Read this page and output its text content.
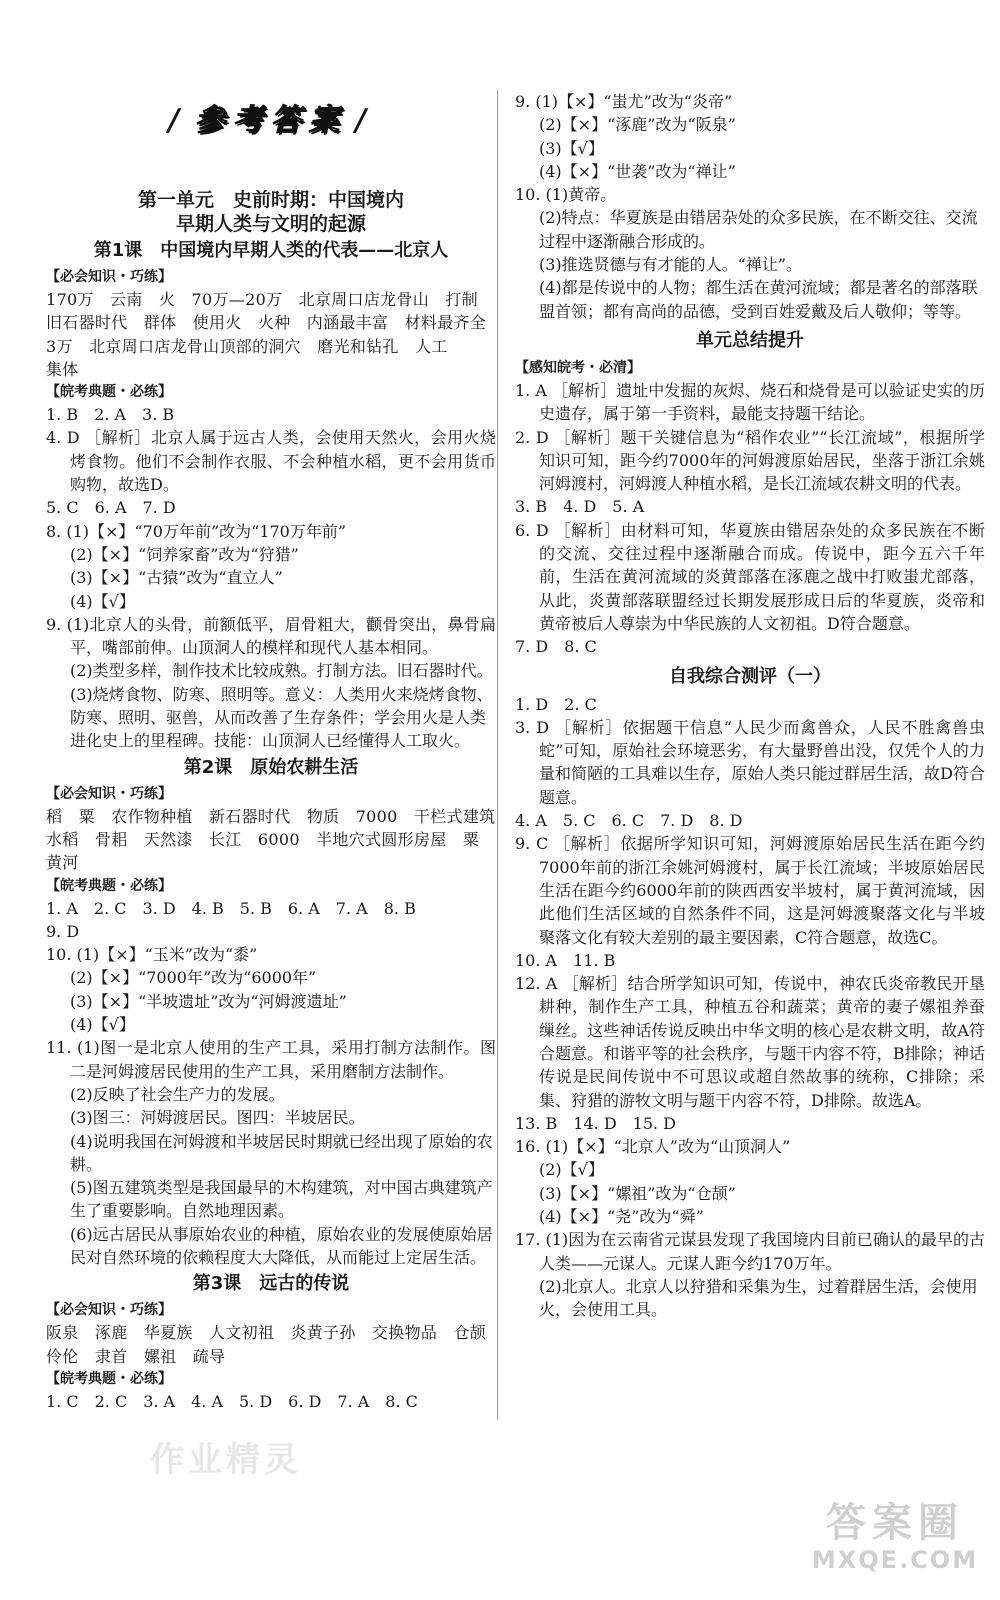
/ 参考答案 /
第一单元　史前时期：中国境内
早期人类与文明的起源
第1课　中国境内早期人类的代表——北京人
【必会知识・巧练】
170万　云南　火　70万—20万　北京周口店龙骨山　打制
旧石器时代　群体　使用火　火种　内涵最丰富　材料最齐全
3万　北京周口店龙骨山顶部的洞穴　磨光和钻孔　人工
集体
【皖考典题・必练】
1. B　2. A　3. B
4. D ［解析］北京人属于远古人类，会使用天然火，会用火烧烤食物。他们不会制作衣服、不会种植水稻，更不会用货币购物，故选D。
5. C　6. A　7. D
8. (1)【×】“70万年前”改为“170万年前”
(2)【×】“饲养家畜”改为“狩猎”
(3)【×】“古猿”改为“直立人”
(4)【√】
9. (1)北京人的头骨，前额低平，眉骨粗大，颧骨突出，鼻骨扁平，嘴部前伸。山顶洞人的模样和现代人基本相同。
(2)类型多样，制作技术比较成熟。打制方法。旧石器时代。
(3)烧烤食物、防寒、照明等。意义：人类用火来烧烤食物、防寒、照明、驱兽，从而改善了生存条件；学会用火是人类进化史上的里程碑。技能：山顶洞人已经懂得人工取火。
第2课　原始农耕生活
【必会知识・巧练】
稻　粟　农作物种植　新石器时代　物质　7000　干栏式建筑
水稻　骨耜　天然漆　长江　6000　半地穴式圆形房屋　粟
黄河
【皖考典题・必练】
1. A　2. C　3. D　4. B　5. B　6. A　7. A　8. B
9. D
10. (1)【×】“玉米”改为“黍”
(2)【×】“7000年”改为“6000年”
(3)【×】“半坡遗址”改为“河姆渡遗址”
(4)【√】
11. (1)图一是北京人使用的生产工具，采用打制方法制作。图二是河姆渡居民使用的生产工具，采用磨制方法制作。
(2)反映了社会生产力的发展。
(3)图三：河姆渡居民。图四：半坡居民。
(4)说明我国在河姆渡和半坡居民时期就已经出现了原始的农耕。
(5)图五建筑类型是我国最早的木构建筑，对中国古典建筑产生了重要影响。自然地理因素。
(6)远古居民从事原始农业的种植，原始农业的发展使原始居民对自然环境的依赖程度大大降低，从而能过上定居生活。
第3课　远古的传说
【必会知识・巧练】
阪泉　涿鹿　华夏族　人文初祖　炎黄子孙　交换物品　仓颉
伶伦　隶首　嫘祖　疏导
【皖考典题・必练】
1. C　2. C　3. A　4. A　5. D　6. D　7. A　8. C
9. (1)【×】“蚩尤”改为“炎帝”
(2)【×】“涿鹿”改为“阪泉”
(3)【√】
(4)【×】“世袭”改为“禅让”
10. (1)黄帝。
(2)特点：华夏族是由错居杂处的众多民族，在不断交往、交流过程中逐渐融合形成的。
(3)推选贤德与有才能的人。“禅让”。
(4)都是传说中的人物；都生活在黄河流域；都是著名的部落联盟首领；都有高尚的品德，受到百姓爱戴及后人敬仰；等等。
单元总结提升
【感知皖考・必清】
1. A ［解析］遗址中发掘的灰烬、烧石和烧骨是可以验证史实的历史遗存，属于第一手资料，最能支持题干结论。
2. D ［解析］题干关键信息为“稻作农业”“长江流域”，根据所学知识可知，距今约7000年的河姆渡原始居民，坐落于浙江余姚河姆渡村，河姆渡人种植水稻，是长江流域农耕文明的代表。
3. B　4. D　5. A
6. D ［解析］由材料可知，华夏族由错居杂处的众多民族在不断的交流、交往过程中逐渐融合而成。传说中，距今五六千年前，生活在黄河流域的炎黄部落在涿鹿之战中打败蚩尤部落，从此，炎黄部落联盟经过长期发展形成日后的华夏族，炎帝和黄帝被后人尊崇为中华民族的人文初祖。D符合题意。
7. D　8. C
自我综合测评（一）
1. D　2. C
3. D ［解析］依据题干信息“人民少而禽兽众，人民不胜禽兽虫蛇”可知，原始社会环境恶劣，有大量野兽出没，仅凭个人的力量和简陋的工具难以生存，原始人类只能过群居生活，故D符合题意。
4. A　5. C　6. C　7. D　8. D
9. C ［解析］依据所学知识可知，河姆渡原始居民生活在距今约7000年前的浙江余姚河姆渡村，属于长江流域；半坡原始居民生活在距今约6000年前的陕西西安半坡村，属于黄河流域，因此他们生活区域的自然条件不同，这是河姆渡聚落文化与半坡聚落文化有较大差别的最主要因素，C符合题意，故选C。
10. A　11. B
12. A ［解析］结合所学知识可知，传说中，神农氏炎帝教民开垦耕种，制作生产工具，种植五谷和蔬菜；黄帝的妻子嫘祖养蚕缫丝。这些神话传说反映出中华文明的核心是农耕文明，故A符合题意。和谐平等的社会秩序，与题干内容不符，B排除；神话传说是民间传说中不可思议或超自然故事的统称，C排除；采集、狩猎的游牧文明与题干内容不符，D排除。故选A。
13. B　14. D　15. D
16. (1)【×】“北京人”改为“山顶洞人”
(2)【√】
(3)【×】“嫘祖”改为“仓颉”
(4)【×】“尧”改为“舜”
17. (1)因为在云南省元谋县发现了我国境内目前已确认的最早的古人类——元谋人。元谋人距今约170万年。
(2)北京人。北京人以狩猎和采集为生，过着群居生活，会使用火，会使用工具。
作业精灵
答案圈
MXQE.COM
